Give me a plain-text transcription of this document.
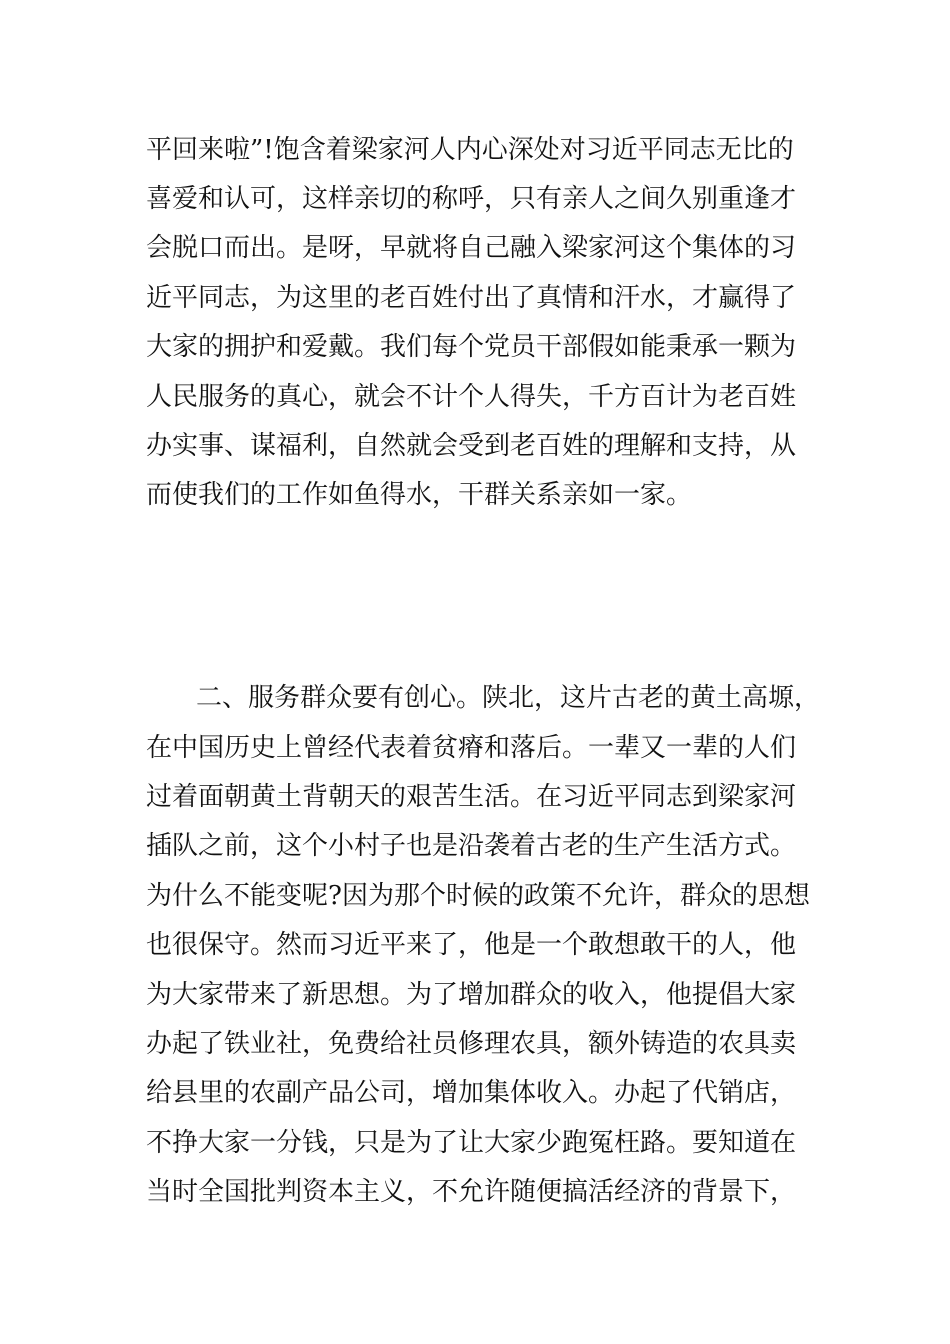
平回来啦”!饱含着梁家河人内心深处对习近平同志无比的
喜爱和认可，这样亲切的称呼，只有亲人之间久别重逢才
会脱口而出。是呀，早就将自己融入梁家河这个集体的习
近平同志，为这里的老百姓付出了真情和汗水，才赢得了
大家的拥护和爱戴。我们每个党员干部假如能秉承一颗为
人民服务的真心，就会不计个人得失，千方百计为老百姓
办实事、谋福利，自然就会受到老百姓的理解和支持，从
而使我们的工作如鱼得水，干群关系亲如一家。
二、服务群众要有创心。陕北，这片古老的黄土高塬，
在中国历史上曾经代表着贫瘠和落后。一辈又一辈的人们
过着面朝黄土背朝天的艰苦生活。在习近平同志到梁家河
插队之前，这个小村子也是沿袭着古老的生产生活方式。
为什么不能变呢?因为那个时候的政策不允许，群众的思想
也很保守。然而习近平来了，他是一个敢想敢干的人，他
为大家带来了新思想。为了增加群众的收入，他提倡大家
办起了铁业社，免费给社员修理农具，额外铸造的农具卖
给县里的农副产品公司，增加集体收入。办起了代销店，
不挣大家一分钱，只是为了让大家少跑冤枉路。要知道在
当时全国批判资本主义，不允许随便搞活经济的背景下，
